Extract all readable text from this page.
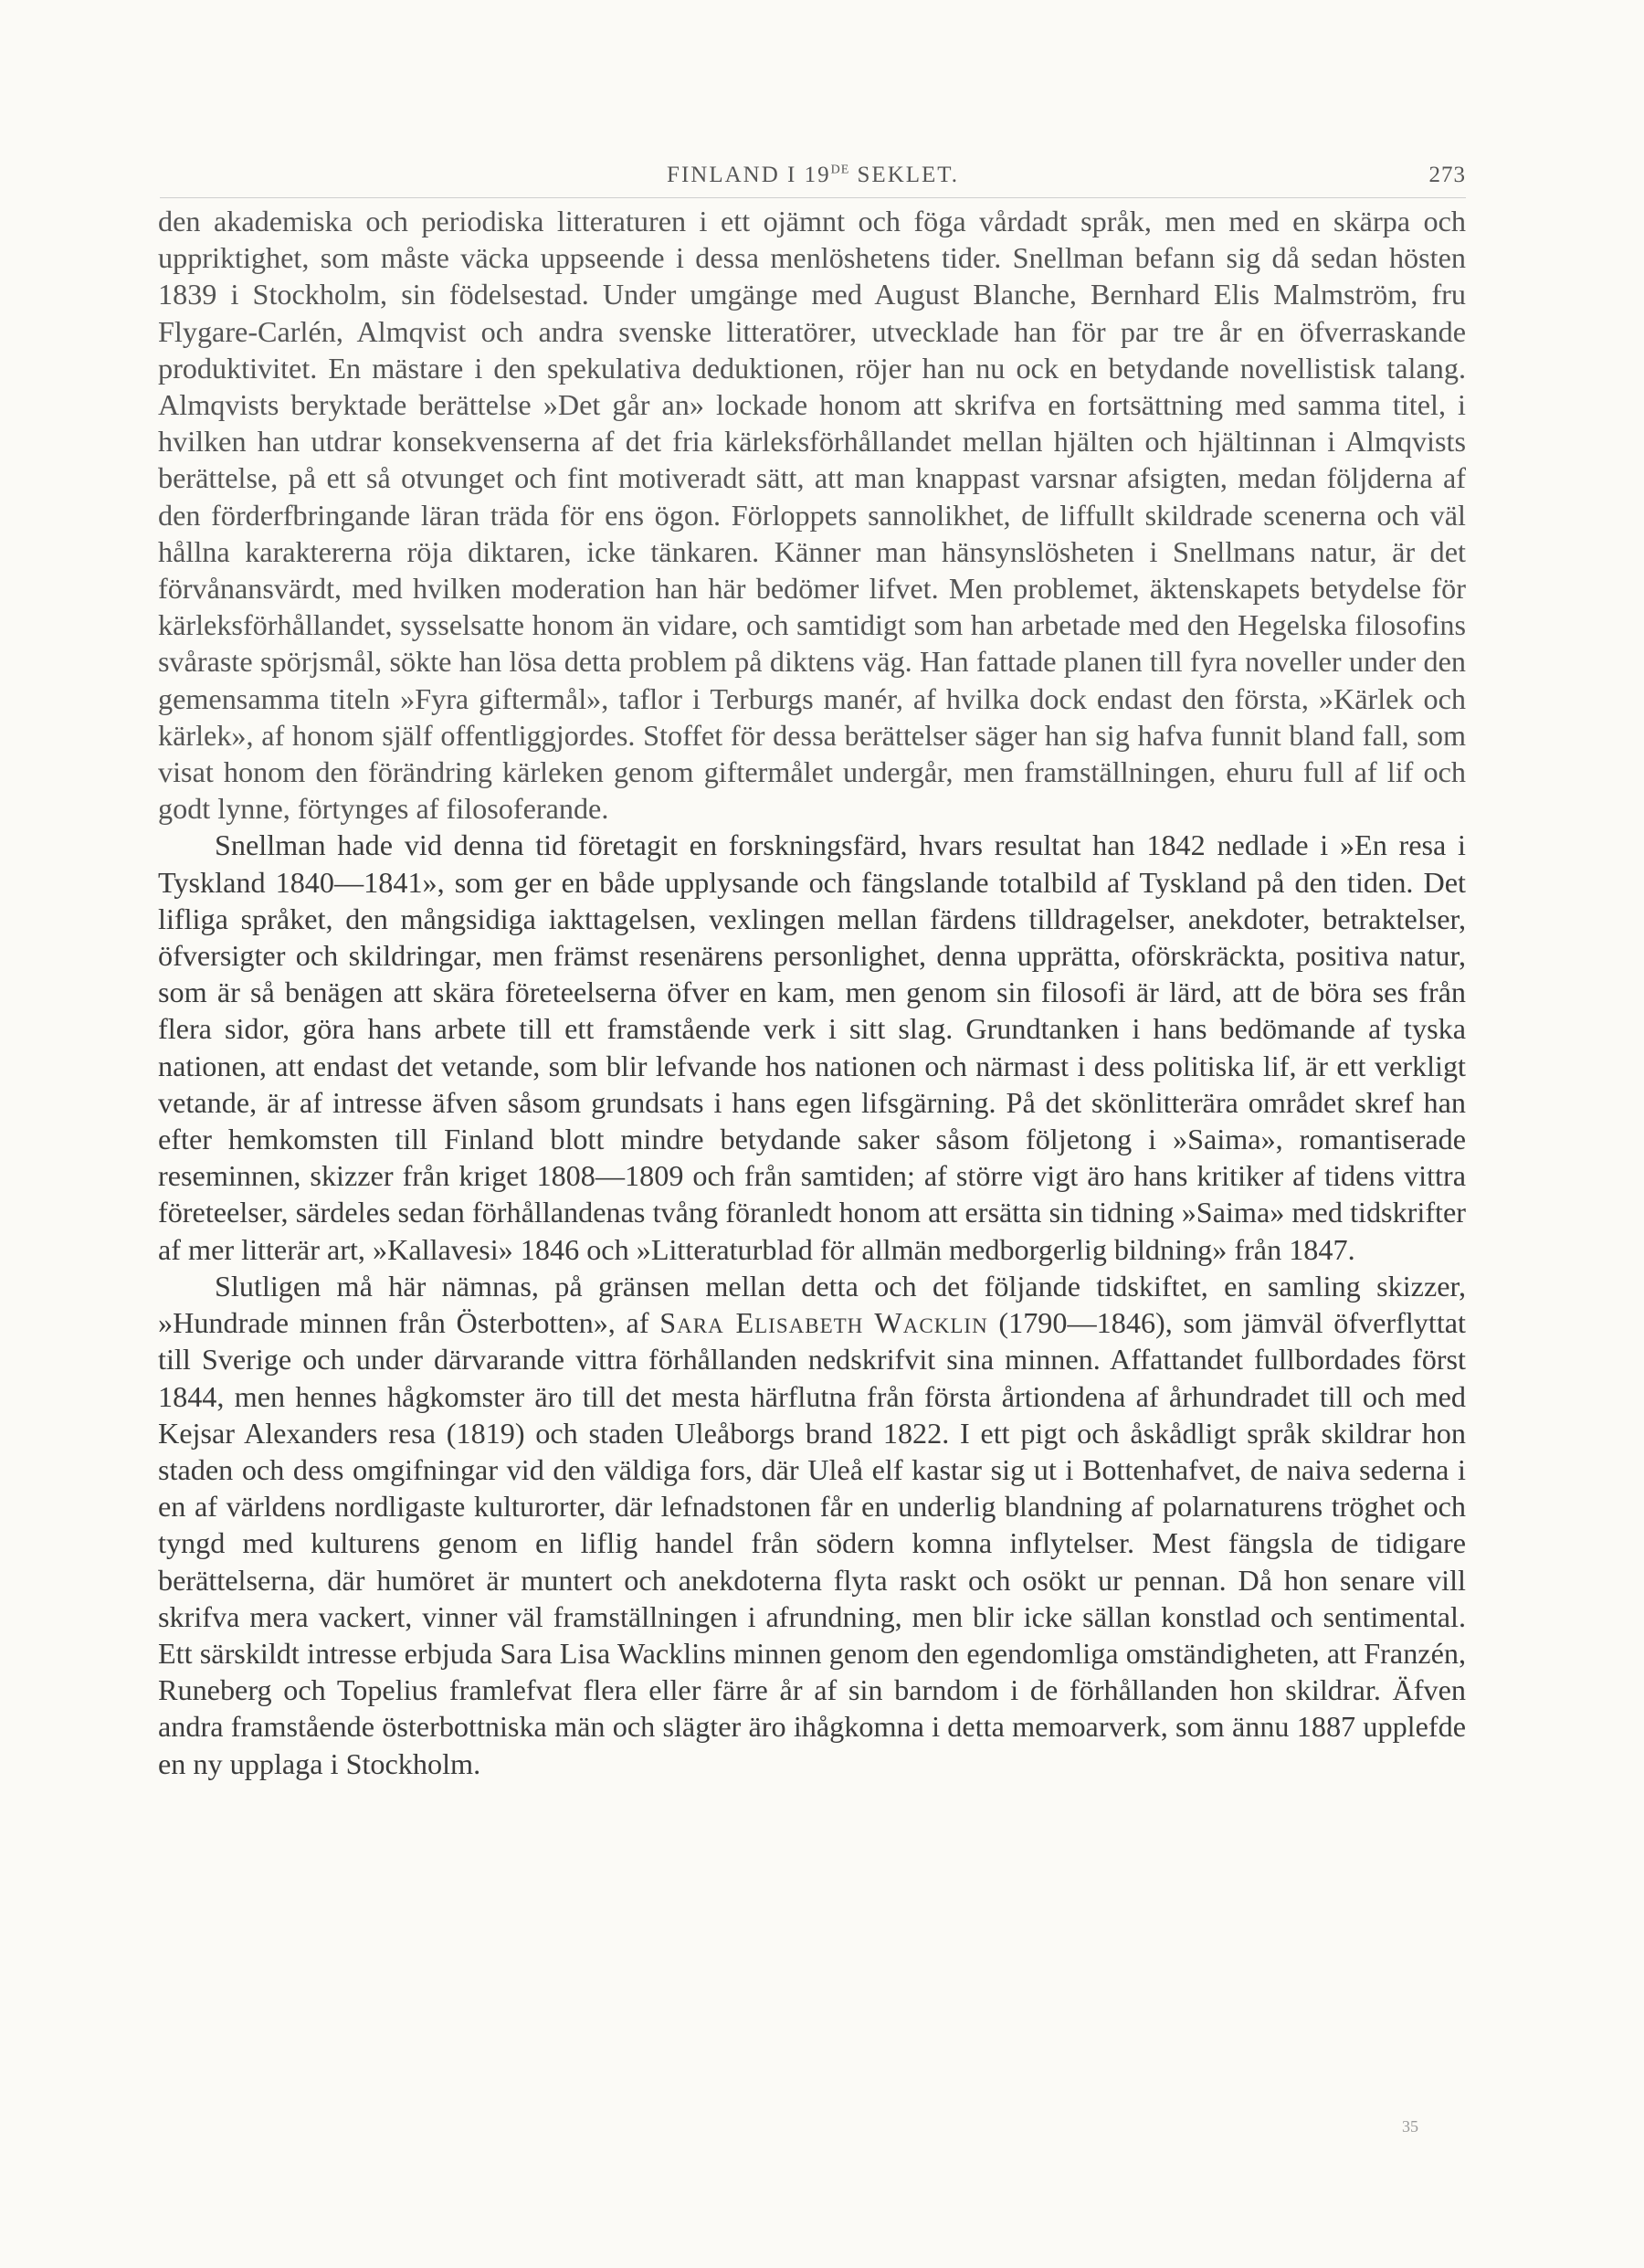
FINLAND I 19DE SEKLET.	273

den akademiska och periodiska litteraturen i ett ojämnt och föga vårdadt språk, men med en skärpa och uppriktighet, som måste väcka uppseende i dessa menlöshetens tider. Snellman befann sig då sedan hösten 1839 i Stockholm, sin födelsestad. Under umgänge med August Blanche, Bernhard Elis Malmström, fru Flygare-Carlén, Almqvist och andra svenske litteratörer, utvecklade han för par tre år en öfverraskande produktivitet. En mästare i den spekulativa deduktionen, röjer han nu ock en betydande novellistisk talang. Almqvists beryktade berättelse »Det går an» lockade honom att skrifva en fortsättning med samma titel, i hvilken han utdrar konsekvenserna af det fria kärleksförhållandet mellan hjälten och hjältinnan i Almqvists berättelse, på ett så otvunget och fint motiveradt sätt, att man knappast varsnar afsigten, medan följderna af den förderfbringande läran träda för ens ögon. Förloppets sannolikhet, de liffullt skildrade scenerna och väl hållna karaktererna röja diktaren, icke tänkaren. Känner man hänsynslösheten i Snellmans natur, är det förvånansvärdt, med hvilken moderation han här bedömer lifvet. Men problemet, äktenskapets betydelse för kärleksförhållandet, sysselsatte honom än vidare, och samtidigt som han arbetade med den Hegelska filosofins svåraste spörjsmål, sökte han lösa detta problem på diktens väg. Han fattade planen till fyra noveller under den gemensamma titeln »Fyra giftermål», taflor i Terburgs manér, af hvilka dock endast den första, »Kärlek och kärlek», af honom själf offentliggjordes. Stoffet för dessa berättelser säger han sig hafva funnit bland fall, som visat honom den förändring kärleken genom giftermålet undergår, men framställningen, ehuru full af lif och godt lynne, förtynges af filosoferande.

Snellman hade vid denna tid företagit en forskningsfärd, hvars resultat han 1842 nedlade i »En resa i Tyskland 1840—1841», som ger en både upplysande och fängslande totalbild af Tyskland på den tiden. Det lifliga språket, den mångsidiga iakttagelsen, vexlingen mellan färdens tilldragelser, anekdoter, betraktelser, öfversigter och skildringar, men främst resenärens personlighet, denna upprätta, oförskräckta, positiva natur, som är så benägen att skära företeelserna öfver en kam, men genom sin filosofi är lärd, att de böra ses från flera sidor, göra hans arbete till ett framstående verk i sitt slag. Grundtanken i hans bedömande af tyska nationen, att endast det vetande, som blir lefvande hos nationen och närmast i dess politiska lif, är ett verkligt vetande, är af intresse äfven såsom grundsats i hans egen lifsgärning. På det skönlitterära området skref han efter hemkomsten till Finland blott mindre betydande saker såsom följetong i »Saima», romantiserade reseminnen, skizzer från kriget 1808—1809 och från samtiden; af större vigt äro hans kritiker af tidens vittra företeelser, särdeles sedan förhållandenas tvång föranledt honom att ersätta sin tidning »Saima» med tidskrifter af mer litterär art, »Kallavesi» 1846 och »Litteraturblad för allmän medborgerlig bildning» från 1847.

Slutligen må här nämnas, på gränsen mellan detta och det följande tidskiftet, en samling skizzer, »Hundrade minnen från Österbotten», af Sara Elisabeth Wacklin (1790—1846), som jämväl öfverflyttat till Sverige och under därvarande vittra förhållanden nedskrifvit sina minnen. Affattandet fullbordades först 1844, men hennes hågkomster äro till det mesta härflutna från första årtiondena af århundradet till och med Kejsar Alexanders resa (1819) och staden Uleåborgs brand 1822. I ett pigt och åskådligt språk skildrar hon staden och dess omgifningar vid den väldiga fors, där Uleå elf kastar sig ut i Bottenhafvet, de naiva sederna i en af världens nordligaste kulturorter, där lefnadstonen får en underlig blandning af polarnaturens tröghet och tyngd med kulturens genom en liflig handel från södern komna inflytelser. Mest fängsla de tidigare berättelserna, där humöret är muntert och anekdoterna flyta raskt och osökt ur pennan. Då hon senare vill skrifva mera vackert, vinner väl framställningen i afrundning, men blir icke sällan konstlad och sentimental. Ett särskildt intresse erbjuda Sara Lisa Wacklins minnen genom den egendomliga omständigheten, att Franzén, Runeberg och Topelius framlefvat flera eller färre år af sin barndom i de förhållanden hon skildrar. Äfven andra framstående österbottniska män och slägter äro ihågkomna i detta memoarverk, som ännu 1887 upplefde en ny upplaga i Stockholm.

35
